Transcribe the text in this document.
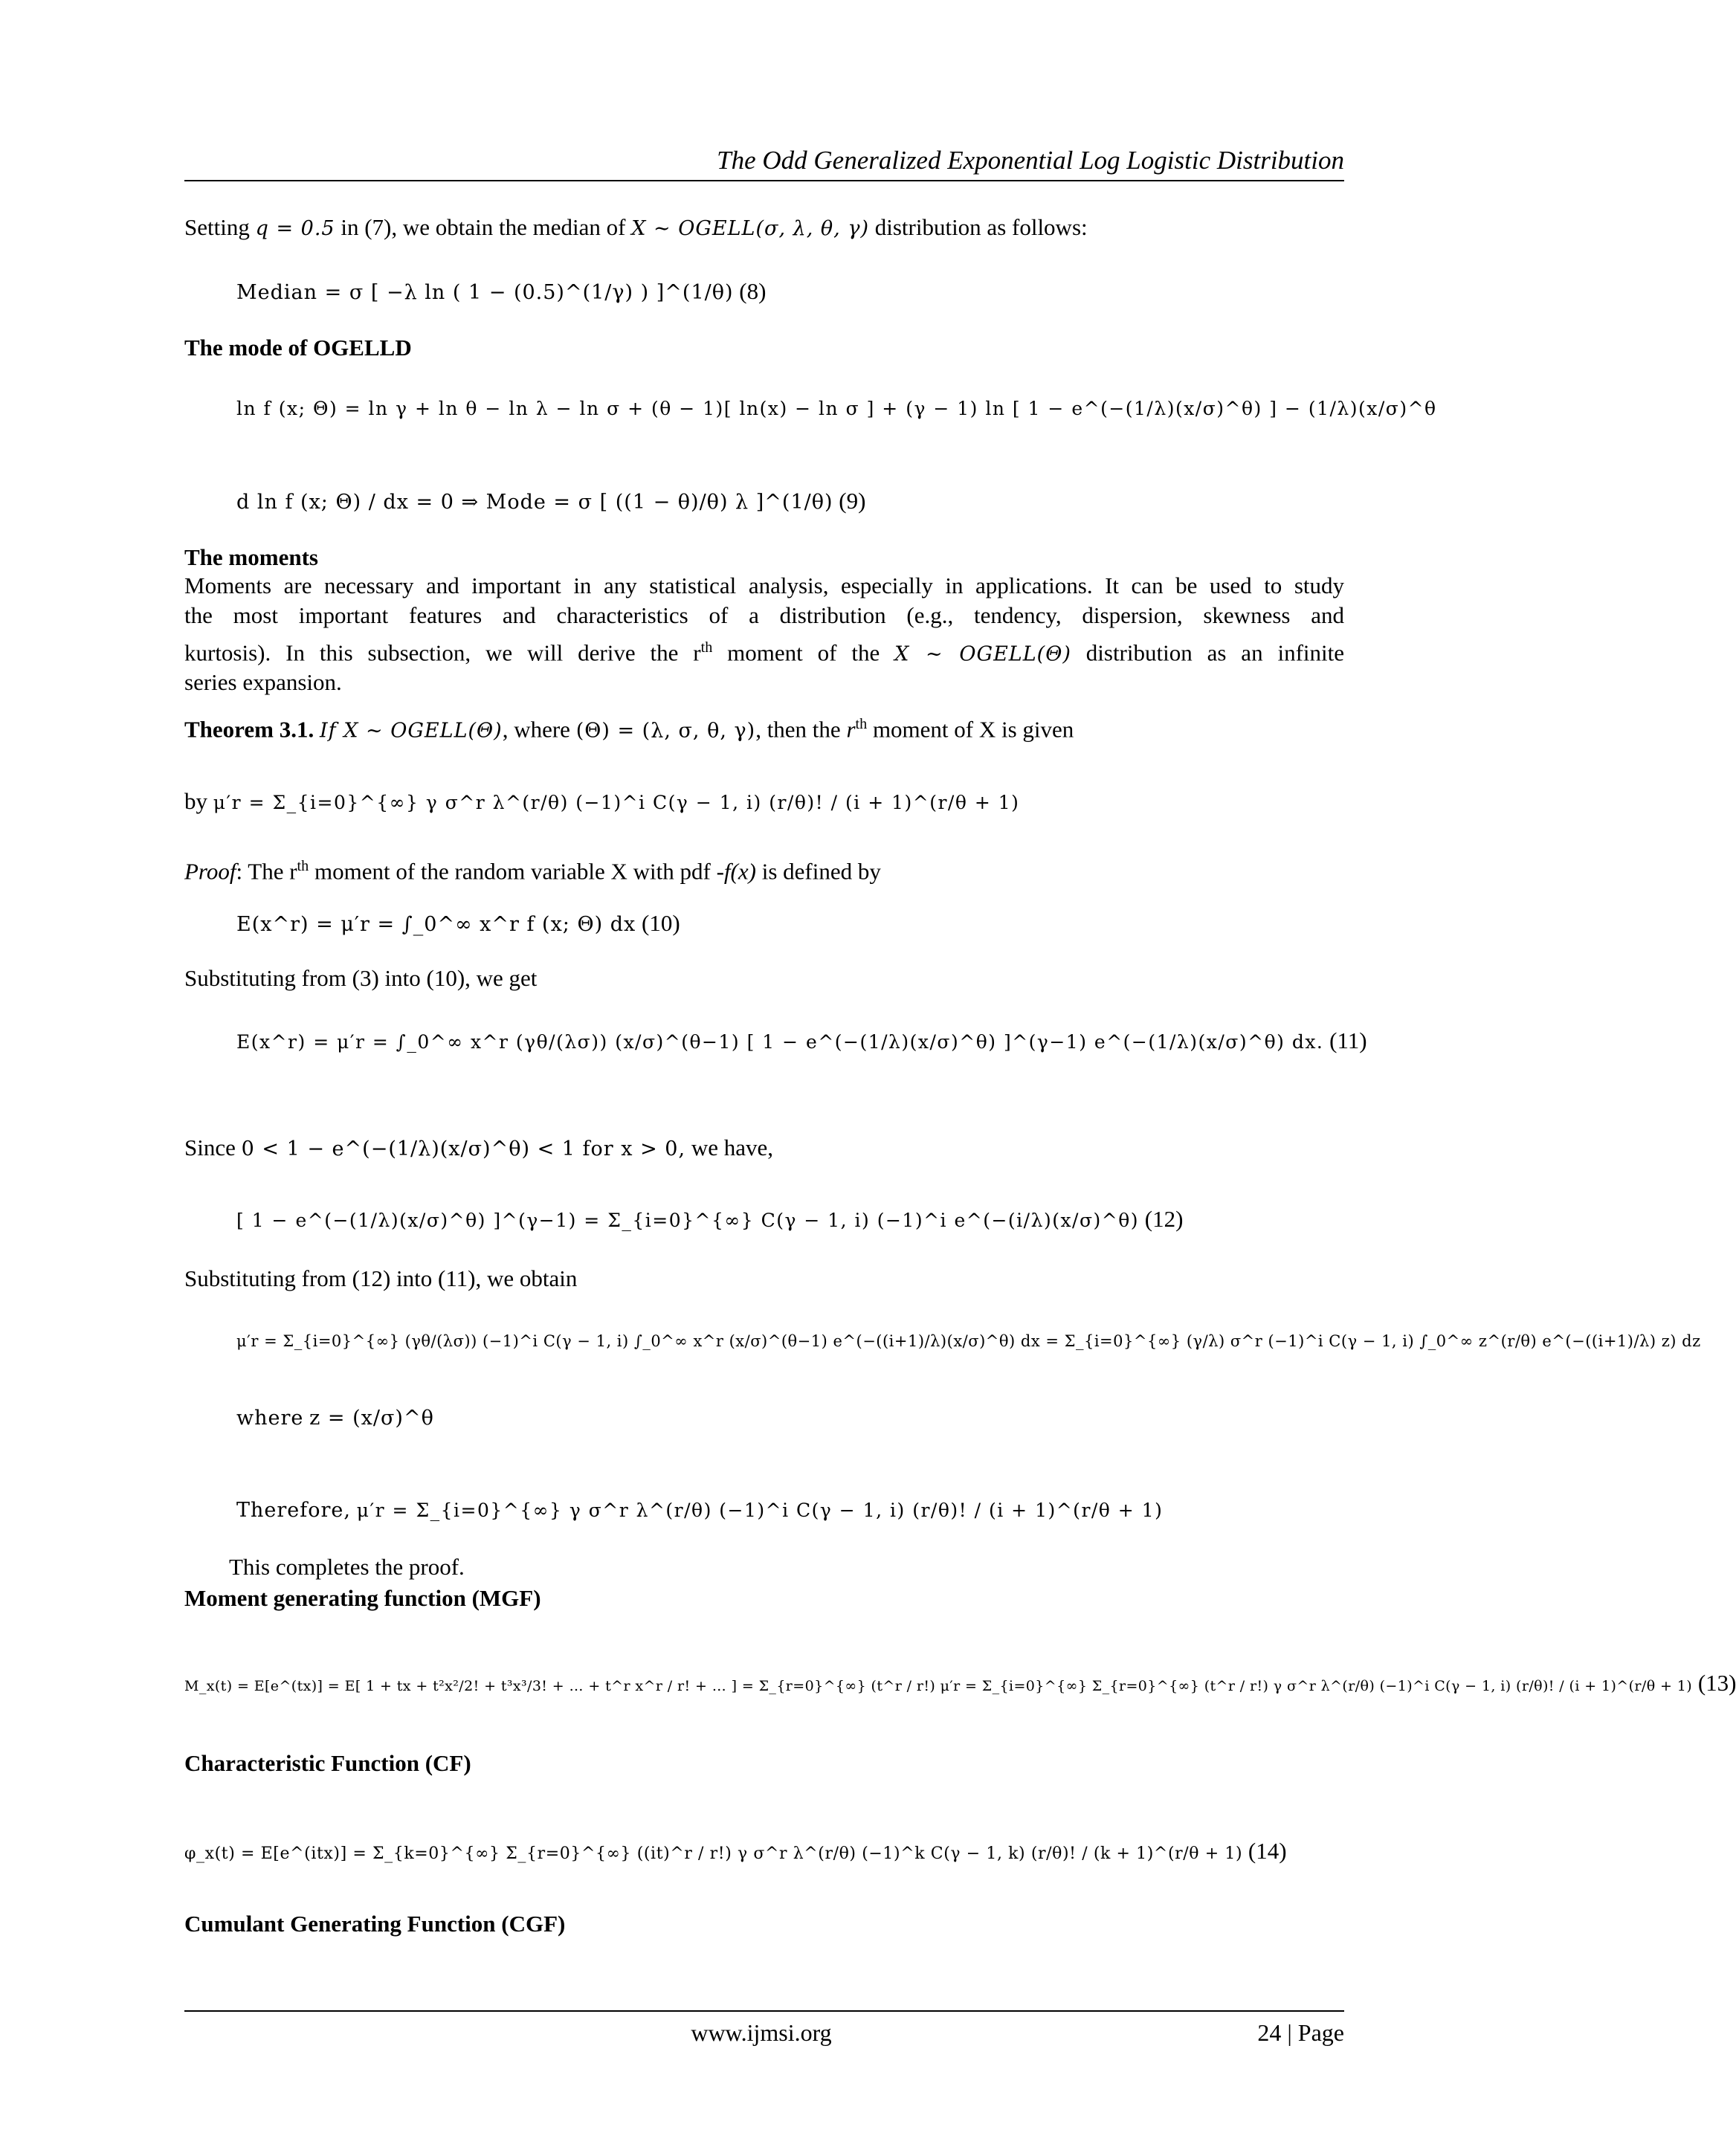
The Odd Generalized Exponential Log Logistic Distribution
Setting q = 0.5 in (7), we obtain the median of X ∼ OGELL(σ, λ, θ, γ) distribution as follows:
Median = σ [ −λ ln ( 1 − (0.5)^(1/γ) ) ]^(1/θ) (8)
The mode of OGELLD
ln f (x; Θ) = ln γ + ln θ − ln λ − ln σ + (θ − 1)[ ln(x) − ln σ ] + (γ − 1) ln [ 1 − e^(−(1/λ)(x/σ)^θ) ] − (1/λ)(x/σ)^θ
d ln f (x; Θ) / dx = 0 ⇒ Mode = σ [ ((1 − θ)/θ) λ ]^(1/θ) (9)
The moments
Moments are necessary and important in any statistical analysis, especially in applications. It can be used to study
the most important features and characteristics of a distribution (e.g., tendency, dispersion, skewness and
kurtosis). In this subsection, we will derive the $r^{th}$ moment of the X ∼ OGELL(Θ) distribution as an infinite
series expansion.
Theorem 3.1. If X ∼ OGELL(Θ), where (Θ) = (λ, σ, θ, γ), then the $r^{th}$ moment of X is given
by μ′r = Σ_{i=0}^{∞} γ σ^r λ^(r/θ) (−1)^i C(γ − 1, i) (r/θ)! / (i + 1)^(r/θ + 1)
Proof: The $r^{th}$ moment of the random variable X with pdf -f(x) is defined by
E(x^r) = μ′r = ∫_0^∞ x^r f (x; Θ) dx (10)
Substituting from (3) into (10), we get
E(x^r) = μ′r = ∫_0^∞ x^r (γθ/(λσ)) (x/σ)^(θ−1) [ 1 − e^(−(1/λ)(x/σ)^θ) ]^(γ−1) e^(−(1/λ)(x/σ)^θ) dx. (11)
Since 0 < 1 − e^(−(1/λ)(x/σ)^θ) < 1 for x > 0, we have,
[ 1 − e^(−(1/λ)(x/σ)^θ) ]^(γ−1) = Σ_{i=0}^{∞} C(γ − 1, i) (−1)^i e^(−(i/λ)(x/σ)^θ) (12)
Substituting from (12) into (11), we obtain
μ′r = Σ_{i=0}^{∞} (γθ/(λσ)) (−1)^i C(γ − 1, i) ∫_0^∞ x^r (x/σ)^(θ−1) e^(−((i+1)/λ)(x/σ)^θ) dx = Σ_{i=0}^{∞} (γ/λ) σ^r (−1)^i C(γ − 1, i) ∫_0^∞ z^(r/θ) e^(−((i+1)/λ) z) dz
where z = (x/σ)^θ
Therefore, μ′r = Σ_{i=0}^{∞} γ σ^r λ^(r/θ) (−1)^i C(γ − 1, i) (r/θ)! / (i + 1)^(r/θ + 1)
This completes the proof.
Moment generating function (MGF)
M_x(t) = E[e^(tx)] = E[ 1 + tx + t²x²/2! + t³x³/3! + … + t^r x^r / r! + … ] = Σ_{r=0}^{∞} (t^r / r!) μ′r = Σ_{i=0}^{∞} Σ_{r=0}^{∞} (t^r / r!) γ σ^r λ^(r/θ) (−1)^i C(γ − 1, i) (r/θ)! / (i + 1)^(r/θ + 1) (13)
Characteristic Function (CF)
φ_x(t) = E[e^(itx)] = Σ_{k=0}^{∞} Σ_{r=0}^{∞} ((it)^r / r!) γ σ^r λ^(r/θ) (−1)^k C(γ − 1, k) (r/θ)! / (k + 1)^(r/θ + 1) (14)
Cumulant Generating Function (CGF)
www.ijmsi.org	24 | Page
